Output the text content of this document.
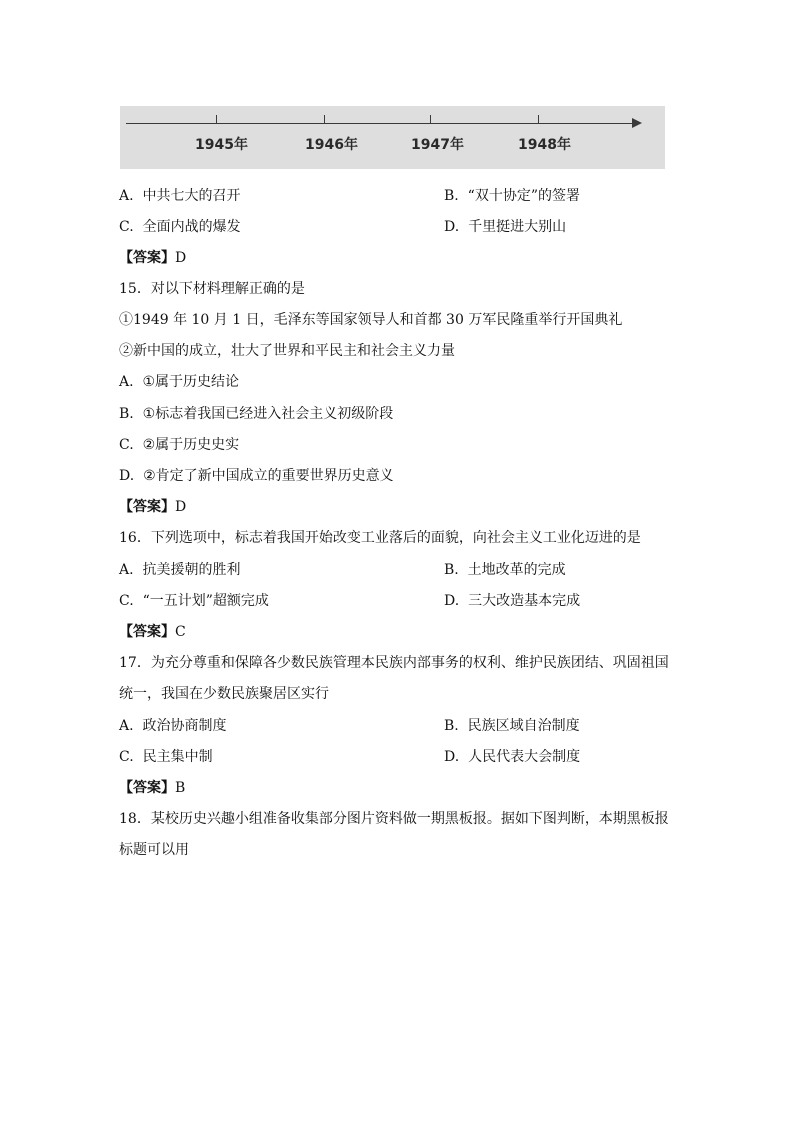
1945年	1946年	1947年	1948年
A. 中共七大的召开	B. “双十协定”的签署
C. 全面内战的爆发	D. 千里挺进大别山
【答案】D
15．对以下材料理解正确的是
①1949 年 10 月 1 日，毛泽东等国家领导人和首都 30 万军民隆重举行开国典礼
②新中国的成立，壮大了世界和平民主和社会主义力量
A. ①属于历史结论
B. ①标志着我国已经进入社会主义初级阶段
C. ②属于历史史实
D. ②肯定了新中国成立的重要世界历史意义
【答案】D
16．下列选项中，标志着我国开始改变工业落后的面貌，向社会主义工业化迈进的是
A. 抗美援朝的胜利	B. 土地改革的完成
C. “一五计划”超额完成	D. 三大改造基本完成
【答案】C
17．为充分尊重和保障各少数民族管理本民族内部事务的权利、维护民族团结、巩固祖国
统一，我国在少数民族聚居区实行
A. 政治协商制度	B. 民族区域自治制度
C. 民主集中制	D. 人民代表大会制度
【答案】B
18．某校历史兴趣小组准备收集部分图片资料做一期黑板报。据如下图判断，本期黑板报
标题可以用
